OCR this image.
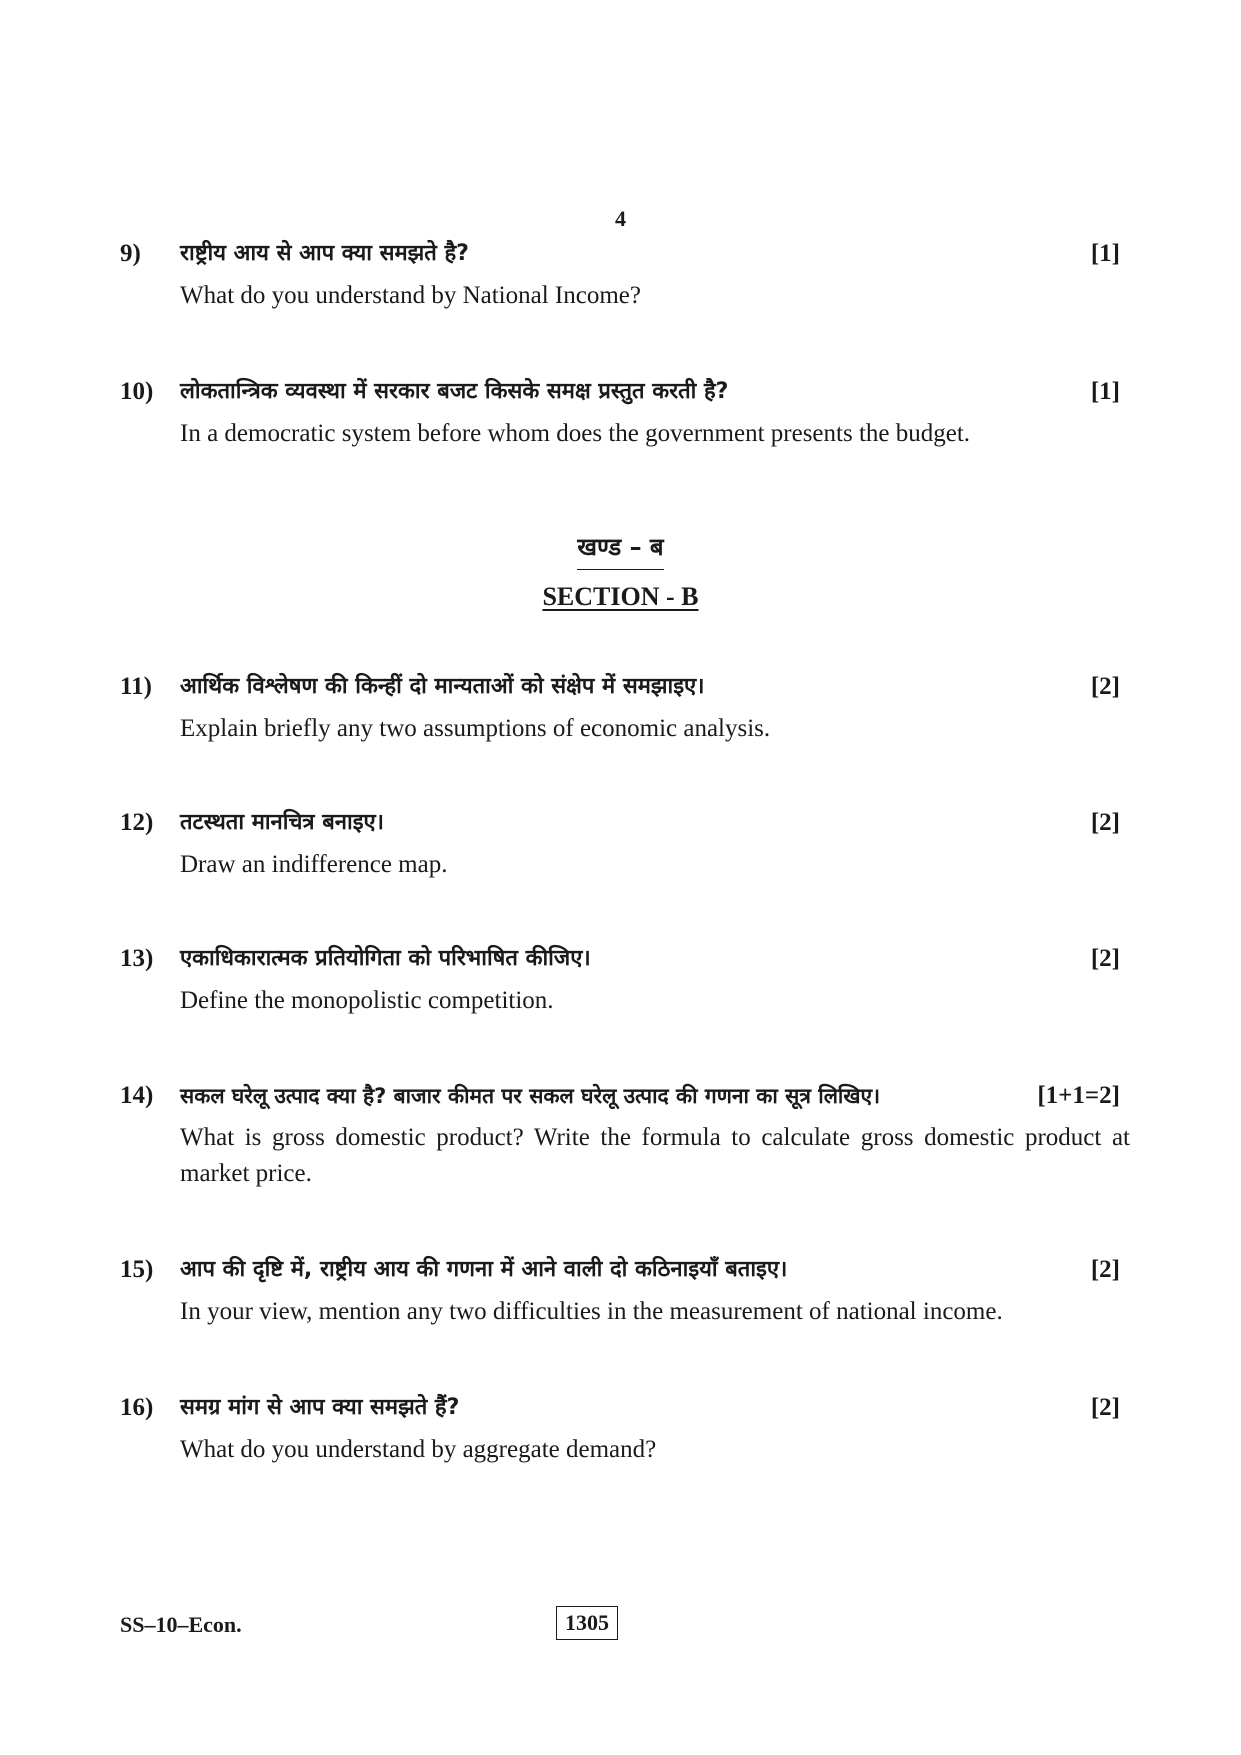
4
9) राष्ट्रीय आय से आप क्या समझते है?	[1]
What do you understand by National Income?
10) लोकतान्त्रिक व्यवस्था में सरकार बजट किसके समक्ष प्रस्तुत करती है?	[1]
In a democratic system before whom does the government presents the budget.
खण्ड – ब
SECTION - B
11) आर्थिक विश्लेषण की किन्हीं दो मान्यताओं को संक्षेप में समझाइए।	[2]
Explain briefly any two assumptions of economic analysis.
12) तटस्थता मानचित्र बनाइए।	[2]
Draw an indifference map.
13) एकाधिकारात्मक प्रतियोगिता को परिभाषित कीजिए।	[2]
Define the monopolistic competition.
14) सकल घरेलू उत्पाद क्या है? बाजार कीमत पर सकल घरेलू उत्पाद की गणना का सूत्र लिखिए।	[1+1=2]
What is gross domestic product? Write the formula to calculate gross domestic product at market price.
15) आप की दृष्टि में, राष्ट्रीय आय की गणना में आने वाली दो कठिनाइयाँ बताइए।	[2]
In your view, mention any two difficulties in the measurement of national income.
16) समग्र मांग से आप क्या समझते हैं?	[2]
What do you understand by aggregate demand?
SS–10–Econ.	1305
